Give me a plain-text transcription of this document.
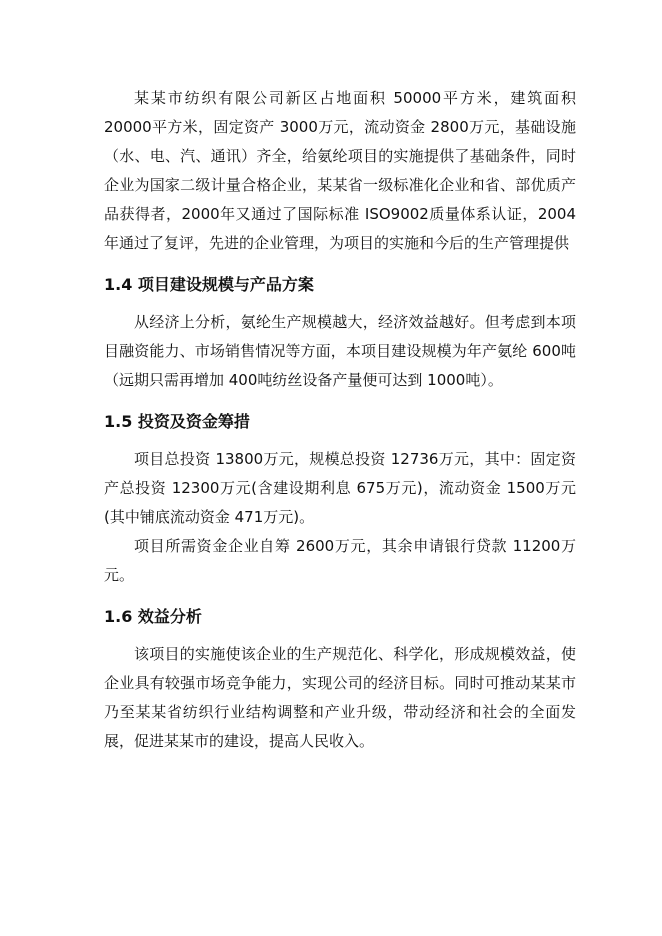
某某市纺织有限公司新区占地面积 50000平方米，建筑面积20000平方米，固定资产 3000万元，流动资金 2800万元，基础设施（水、电、汽、通讯）齐全，给氨纶项目的实施提供了基础条件，同时企业为国家二级计量合格企业，某某省一级标准化企业和省、部优质产品获得者，2000年又通过了国际标准 ISO9002质量体系认证，2004年通过了复评，先进的企业管理，为项目的实施和今后的生产管理提供

1.4 项目建设规模与产品方案

从经济上分析，氨纶生产规模越大，经济效益越好。但考虑到本项目融资能力、市场销售情况等方面，本项目建设规模为年产氨纶 600吨（远期只需再增加 400吨纺丝设备产量便可达到 1000吨）。

1.5 投资及资金筹措

项目总投资 13800万元，规模总投资 12736万元，其中：固定资产总投资 12300万元(含建设期利息 675万元)，流动资金 1500万元(其中铺底流动资金 471万元)。

项目所需资金企业自筹 2600万元，其余申请银行贷款 11200万元。

1.6 效益分析

该项目的实施使该企业的生产规范化、科学化，形成规模效益，使企业具有较强市场竞争能力，实现公司的经济目标。同时可推动某某市乃至某某省纺织行业结构调整和产业升级，带动经济和社会的全面发展，促进某某市的建设，提高人民收入。
